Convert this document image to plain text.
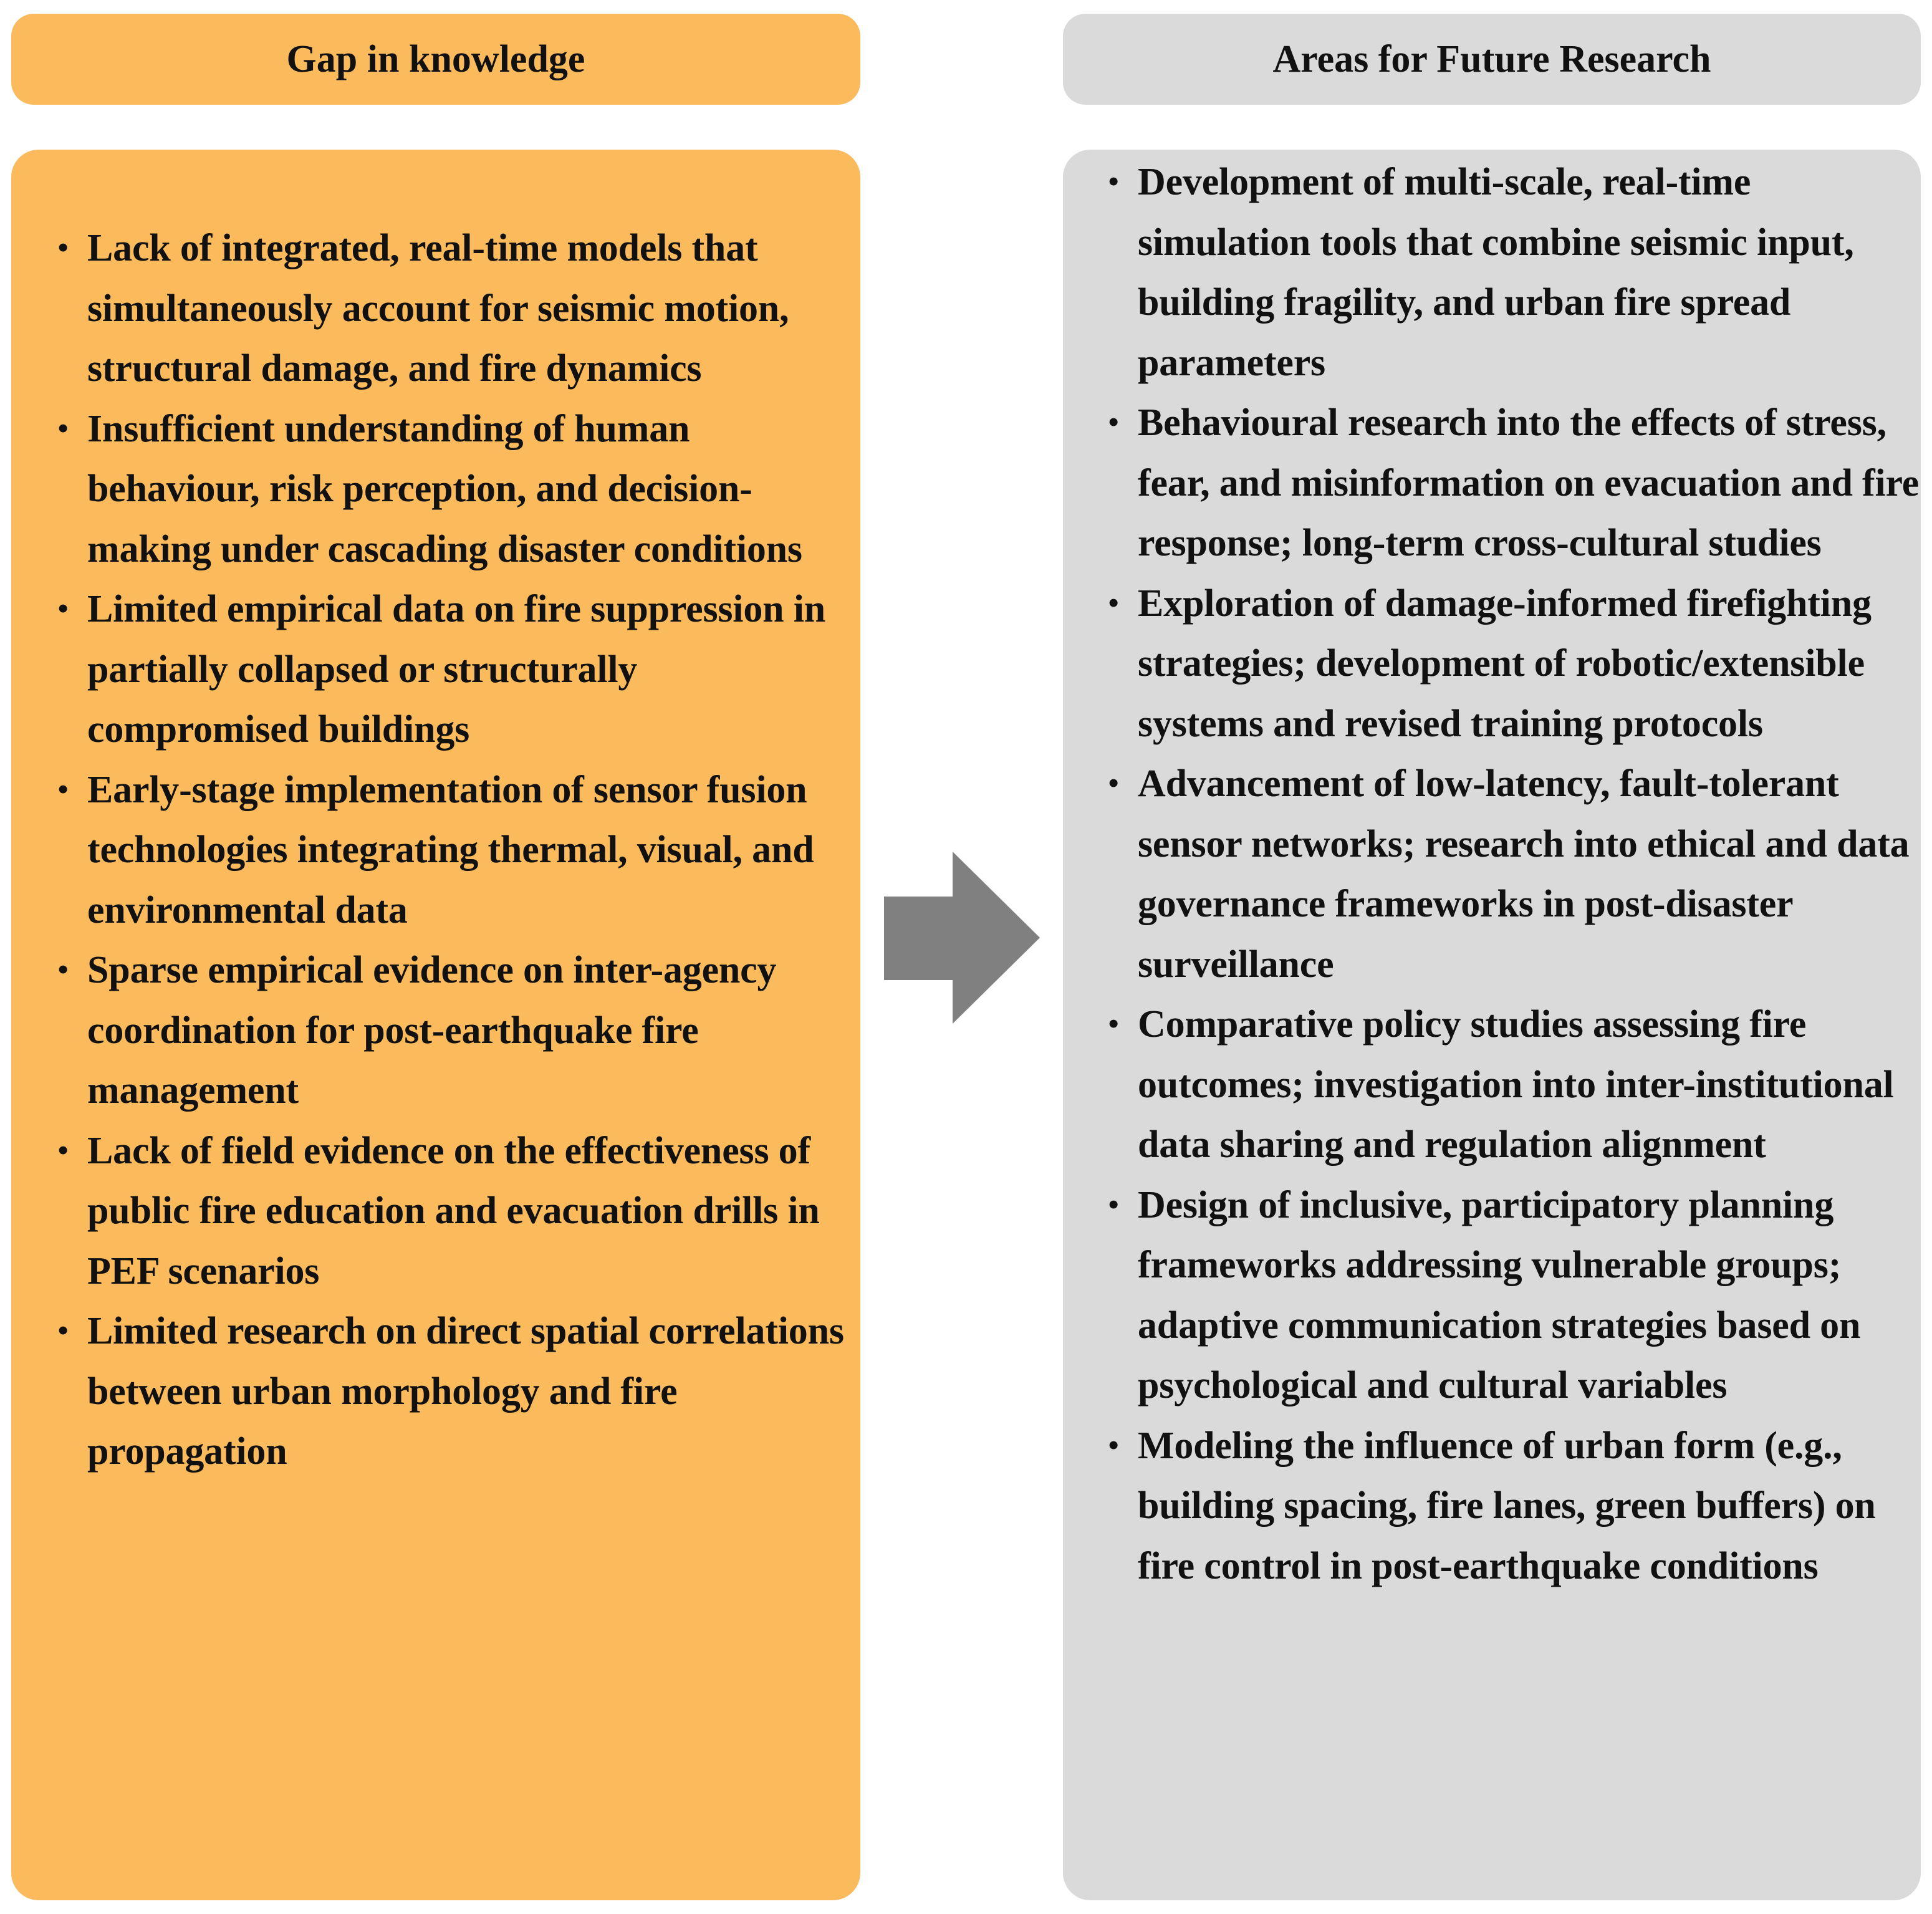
Gap in knowledge	Areas for Future Research
• Lack of integrated, real-time models that simultaneously account for seismic motion, structural damage, and fire dynamics
• Insufficient understanding of human behaviour, risk perception, and decision-making under cascading disaster conditions
• Limited empirical data on fire suppression in partially collapsed or structurally compromised buildings
• Early-stage implementation of sensor fusion technologies integrating thermal, visual, and environmental data
• Sparse empirical evidence on inter-agency coordination for post-earthquake fire management
• Lack of field evidence on the effectiveness of public fire education and evacuation drills in PEF scenarios
• Limited research on direct spatial correlations between urban morphology and fire propagation
• Development of multi-scale, real-time simulation tools that combine seismic input, building fragility, and urban fire spread parameters
• Behavioural research into the effects of stress, fear, and misinformation on evacuation and fire response; long-term cross-cultural studies
• Exploration of damage-informed firefighting strategies; development of robotic/extensible systems and revised training protocols
• Advancement of low-latency, fault-tolerant sensor networks; research into ethical and data governance frameworks in post-disaster surveillance
• Comparative policy studies assessing fire outcomes; investigation into inter-institutional data sharing and regulation alignment
• Design of inclusive, participatory planning frameworks addressing vulnerable groups; adaptive communication strategies based on psychological and cultural variables
• Modeling the influence of urban form (e.g., building spacing, fire lanes, green buffers) on fire control in post-earthquake conditions
